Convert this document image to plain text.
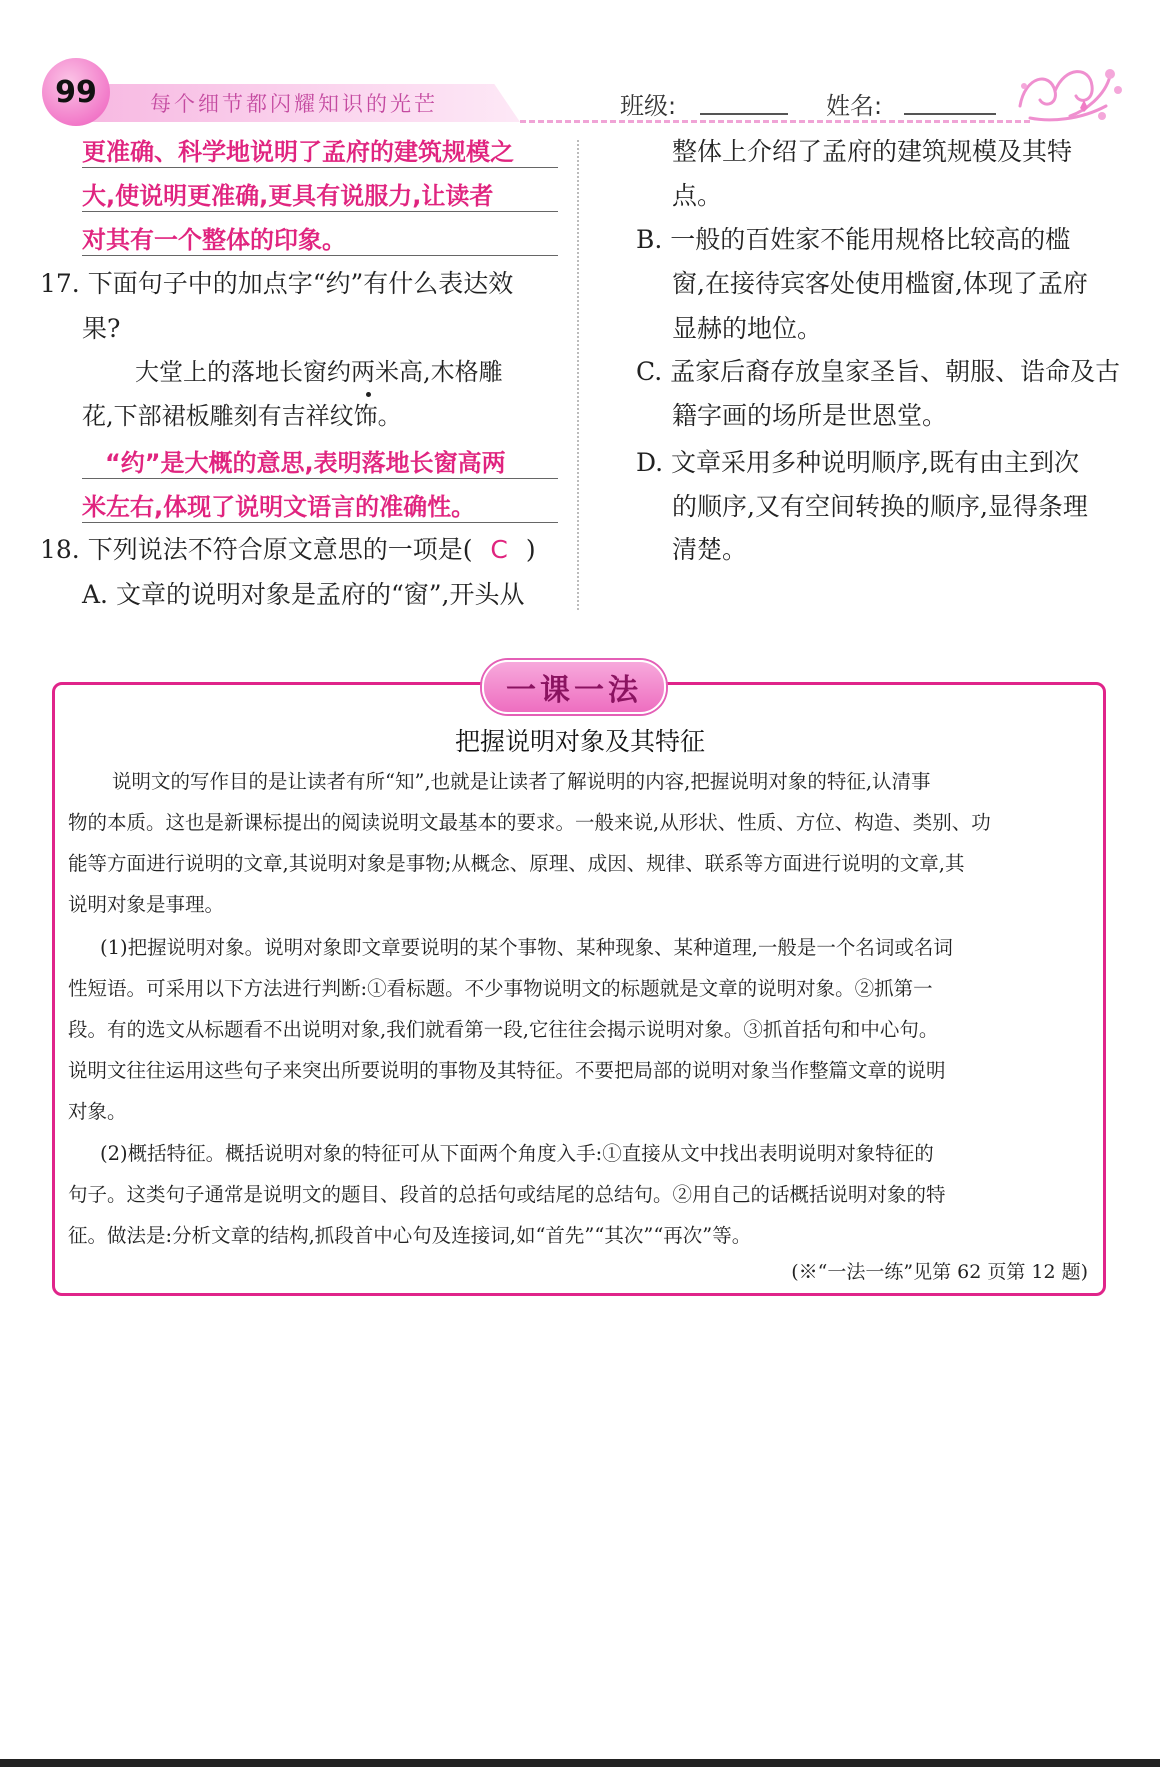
99	每个细节都闪耀知识的光芒	班级:	姓名:
更准确、科学地说明了孟府的建筑规模之
大,使说明更准确,更具有说服力,让读者
对其有一个整体的印象。
17. 下面句子中的加点字“约”有什么表达效
果?
大堂上的落地长窗约两米高,木格雕
花,下部裙板雕刻有吉祥纹饰。
“约”是大概的意思,表明落地长窗高两
米左右,体现了说明文语言的准确性。
18. 下列说法不符合原文意思的一项是( C )
A. 文章的说明对象是孟府的“窗”,开头从
整体上介绍了孟府的建筑规模及其特
点。
B. 一般的百姓家不能用规格比较高的槛
窗,在接待宾客处使用槛窗,体现了孟府
显赫的地位。
C. 孟家后裔存放皇家圣旨、朝服、诰命及古
籍字画的场所是世恩堂。
D. 文章采用多种说明顺序,既有由主到次
的顺序,又有空间转换的顺序,显得条理
清楚。
一课一法
把握说明对象及其特征
说明文的写作目的是让读者有所“知”,也就是让读者了解说明的内容,把握说明对象的特征,认清事
物的本质。这也是新课标提出的阅读说明文最基本的要求。一般来说,从形状、性质、方位、构造、类别、功
能等方面进行说明的文章,其说明对象是事物;从概念、原理、成因、规律、联系等方面进行说明的文章,其
说明对象是事理。
(1)把握说明对象。说明对象即文章要说明的某个事物、某种现象、某种道理,一般是一个名词或名词
性短语。可采用以下方法进行判断:①看标题。不少事物说明文的标题就是文章的说明对象。②抓第一
段。有的选文从标题看不出说明对象,我们就看第一段,它往往会揭示说明对象。③抓首括句和中心句。
说明文往往运用这些句子来突出所要说明的事物及其特征。不要把局部的说明对象当作整篇文章的说明
对象。
(2)概括特征。概括说明对象的特征可从下面两个角度入手:①直接从文中找出表明说明对象特征的
句子。这类句子通常是说明文的题目、段首的总括句或结尾的总结句。②用自己的话概括说明对象的特
征。做法是:分析文章的结构,抓段首中心句及连接词,如“首先”“其次”“再次”等。
(※“一法一练”见第 62 页第 12 题)
